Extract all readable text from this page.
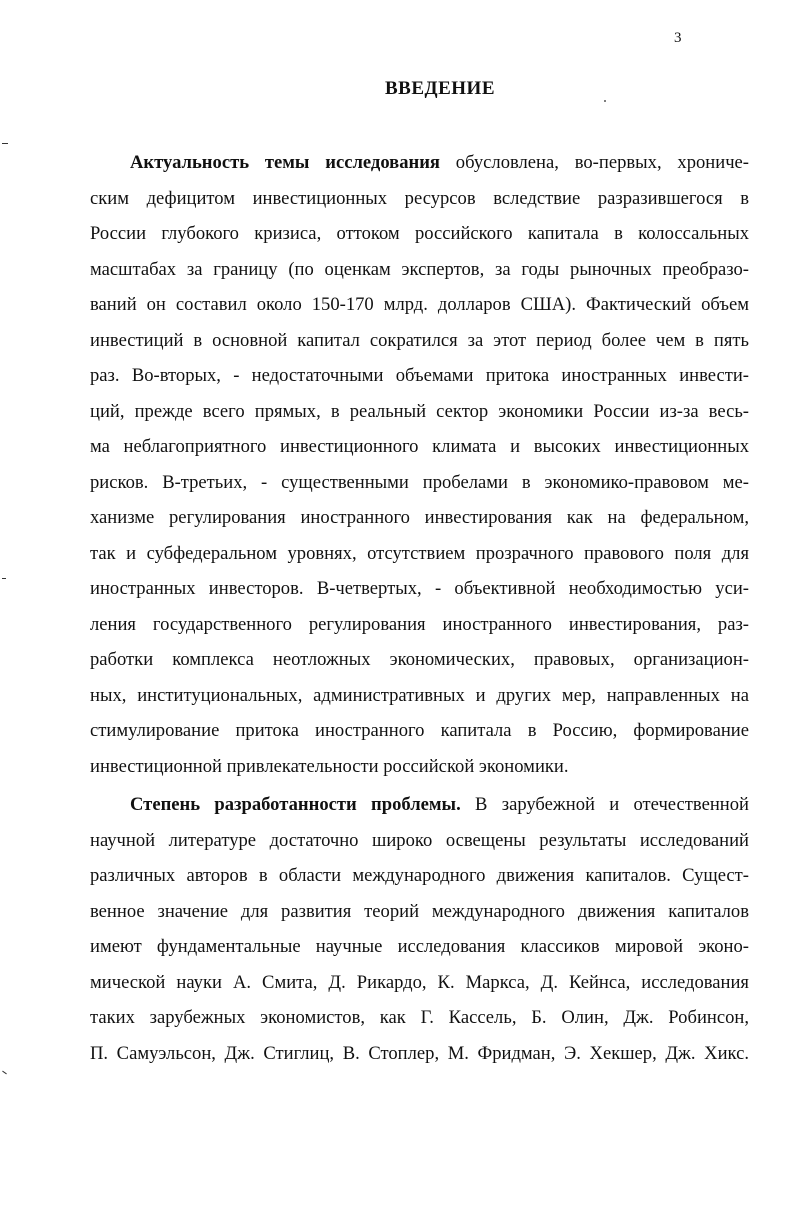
3
ВВЕДЕНИЕ
Актуальность темы исследования обусловлена, во-первых, хрониче-
ским дефицитом инвестиционных ресурсов вследствие разразившегося в
России глубокого кризиса, оттоком российского капитала в колоссальных
масштабах за границу (по оценкам экспертов, за годы рыночных преобразо-
ваний он составил около 150-170 млрд. долларов США). Фактический объем
инвестиций в основной капитал сократился за этот период более чем в пять
раз. Во-вторых, - недостаточными объемами притока иностранных инвести-
ций, прежде всего прямых, в реальный сектор экономики России из-за весь-
ма неблагоприятного инвестиционного климата и высоких инвестиционных
рисков. В-третьих, - существенными пробелами в экономико-правовом ме-
ханизме регулирования иностранного инвестирования как на федеральном,
так и субфедеральном уровнях, отсутствием прозрачного правового поля для
иностранных инвесторов. В-четвертых, - объективной необходимостью уси-
ления государственного регулирования иностранного инвестирования, раз-
работки комплекса неотложных экономических, правовых, организацион-
ных, институциональных, административных и других мер, направленных на
стимулирование притока иностранного капитала в Россию, формирование
инвестиционной привлекательности российской экономики.
Степень разработанности проблемы. В зарубежной и отечественной
научной литературе достаточно широко освещены результаты исследований
различных авторов в области международного движения капиталов. Сущест-
венное значение для развития теорий международного движения капиталов
имеют фундаментальные научные исследования классиков мировой эконо-
мической науки А. Смита, Д. Рикардо, К. Маркса, Д. Кейнса, исследования
таких зарубежных экономистов, как Г. Кассель, Б. Олин, Дж. Робинсон,
П. Самуэльсон, Дж. Стиглиц, В. Стоплер, М. Фридман, Э. Хекшер, Дж. Хикс.
